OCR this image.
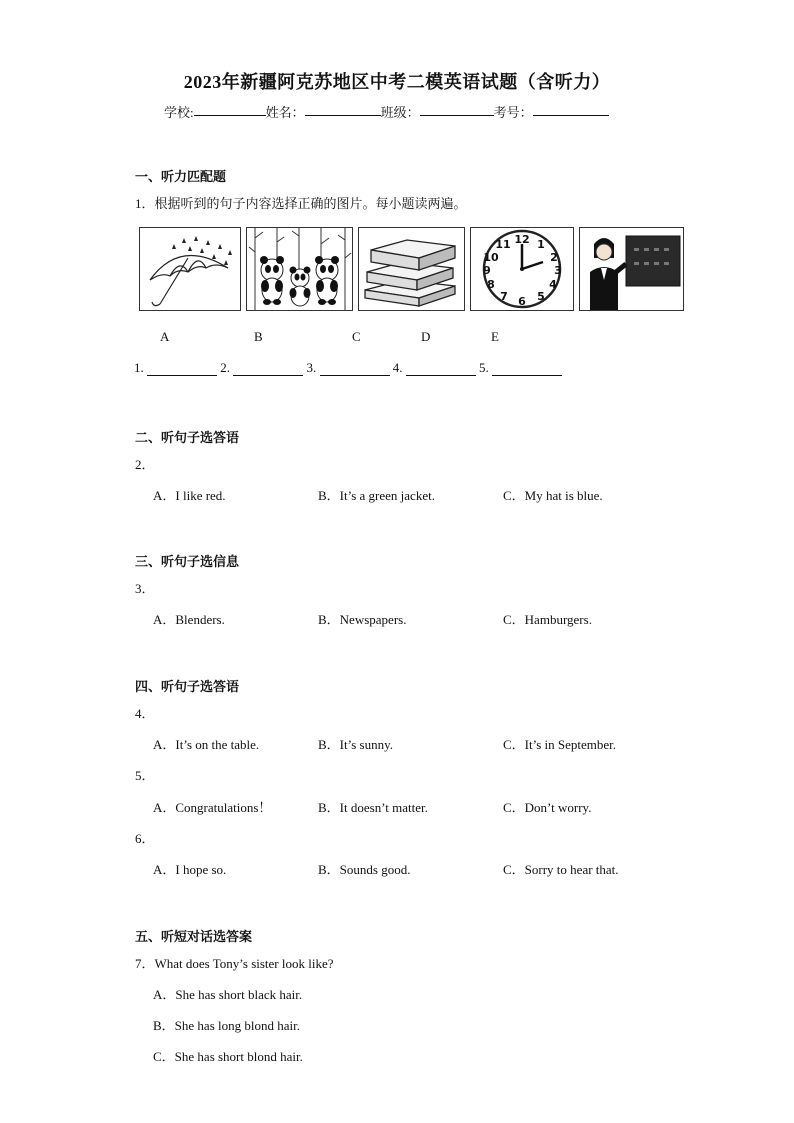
2023年新疆阿克苏地区中考二模英语试题（含听力）
学校:	姓名：	班级：	考号：
一、听力匹配题
1．根据听到的句子内容选择正确的图片。每小题读两遍。
12 1
2
3
4
5
6
7
8
9
10
11
A	B	C	D	E
1.	2.	3.	4.	5.
二、听句子选答语
2．
A．I like red.	B．It’s a green jacket.	C．My hat is blue.
三、听句子选信息
3．
A．Blenders.	B．Newspapers.	C．Hamburgers.
四、听句子选答语
4．
A．It’s on the table.	B．It’s sunny.	C．It’s in September.
5．
A．Congratulations！	B．It doesn’t matter.	C．Don’t worry.
6．
A．I hope so.	B．Sounds good.	C．Sorry to hear that.
五、听短对话选答案
7．What does Tony’s sister look like?
A．She has short black hair.
B．She has long blond hair.
C．She has short blond hair.
